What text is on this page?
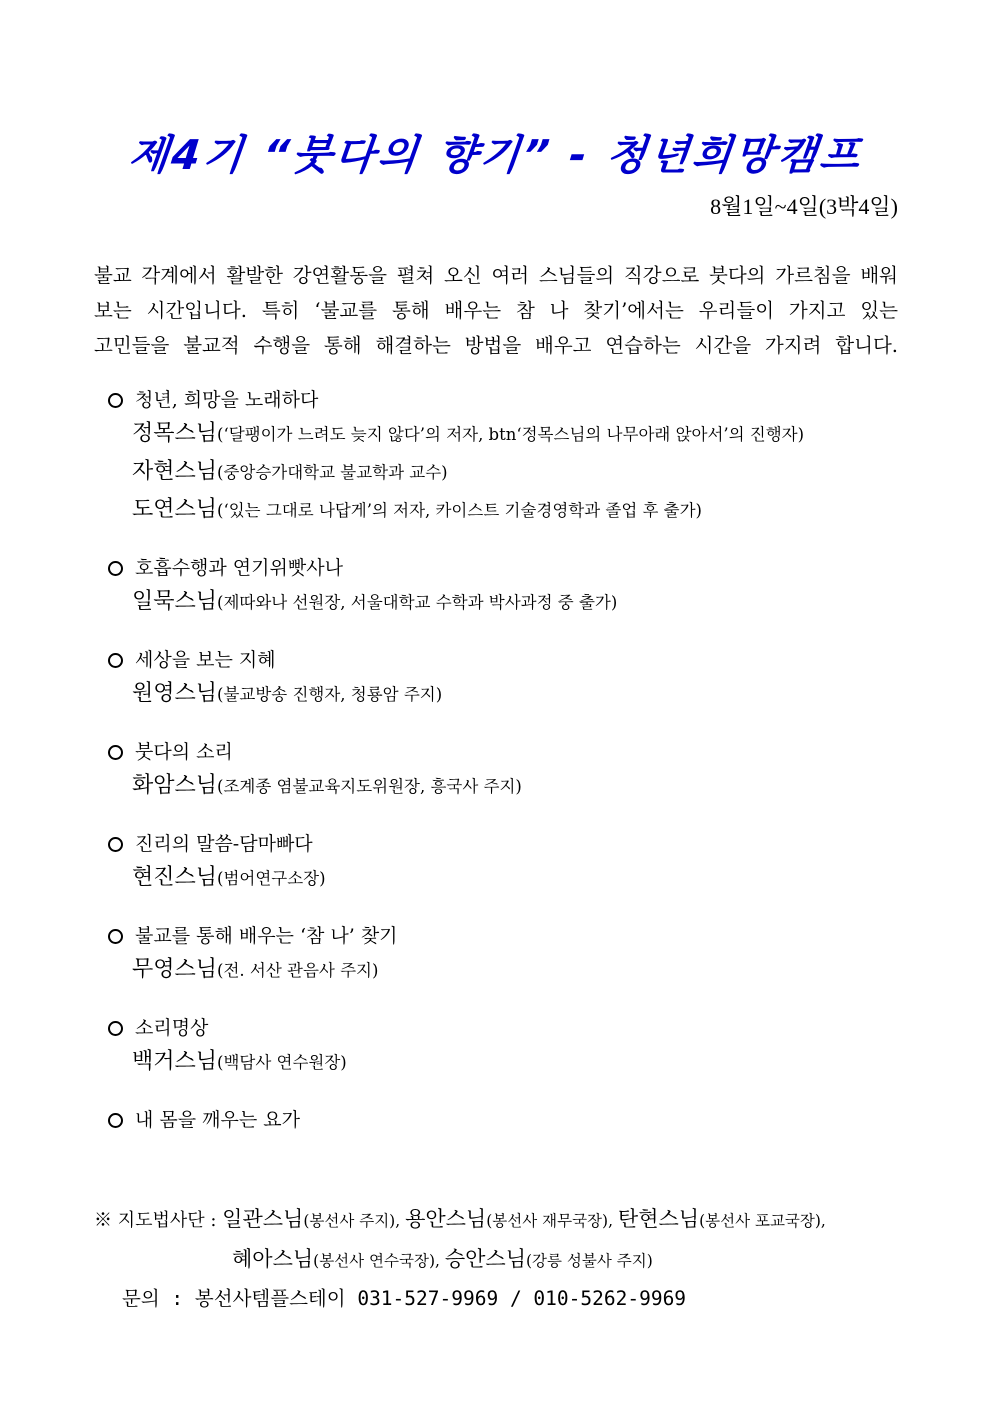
제4기 “붓다의 향기” - 청년희망캠프
8월1일~4일(3박4일)
불교 각계에서 활발한 강연활동을 펼쳐 오신 여러 스님들의 직강으로 붓다의 가르침을 배워
보는 시간입니다. 특히 ‘불교를 통해 배우는 참 나 찾기’에서는 우리들이 가지고 있는
고민들을 불교적 수행을 통해 해결하는 방법을 배우고 연습하는 시간을 가지려 합니다.
청년, 희망을 노래하다
정목스님(‘달팽이가 느려도 늦지 않다’의 저자, btn‘정목스님의 나무아래 앉아서’의 진행자)
자현스님(중앙승가대학교 불교학과 교수)
도연스님(‘있는 그대로 나답게’의 저자, 카이스트 기술경영학과 졸업 후 출가)
호흡수행과 연기위빳사나
일묵스님(제따와나 선원장, 서울대학교 수학과 박사과정 중 출가)
세상을 보는 지혜
원영스님(불교방송 진행자, 청룡암 주지)
붓다의 소리
화암스님(조계종 염불교육지도위원장, 흥국사 주지)
진리의 말씀-담마빠다
현진스님(범어연구소장)
불교를 통해 배우는 ‘참 나’ 찾기
무영스님(전. 서산 관음사 주지)
소리명상
백거스님(백담사 연수원장)
내 몸을 깨우는 요가
※ 지도법사단 : 일관스님(봉선사 주지), 용안스님(봉선사 재무국장), 탄현스님(봉선사 포교국장),
혜아스님(봉선사 연수국장), 승안스님(강릉 성불사 주지)
문의 : 봉선사템플스테이 031-527-9969 / 010-5262-9969
